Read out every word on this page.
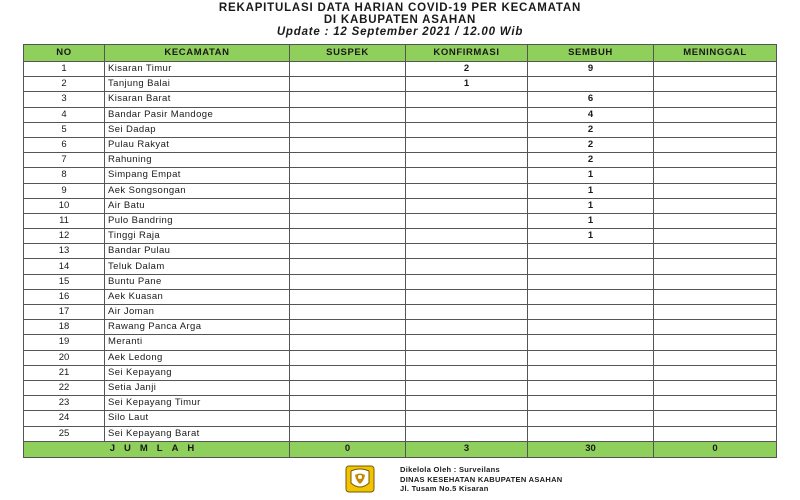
REKAPITULASI DATA HARIAN COVID-19 PER KECAMATAN
DI KABUPATEN ASAHAN
Update : 12 September 2021 / 12.00 Wib
NO	KECAMATAN	SUSPEK	KONFIRMASI	SEMBUH	MENINGGAL
1	Kisaran Timur		2	9	
2	Tanjung Balai		1		
3	Kisaran Barat			6	
4	Bandar Pasir Mandoge			4	
5	Sei Dadap			2	
6	Pulau Rakyat			2	
7	Rahuning			2	
8	Simpang Empat			1	
9	Aek Songsongan			1	
10	Air Batu			1	
11	Pulo Bandring			1	
12	Tinggi Raja			1	
13	Bandar Pulau				
14	Teluk Dalam				
15	Buntu Pane				
16	Aek Kuasan				
17	Air Joman				
18	Rawang Panca Arga				
19	Meranti				
20	Aek Ledong				
21	Sei Kepayang				
22	Setia Janji				
23	Sei Kepayang Timur				
24	Silo Laut				
25	Sei Kepayang Barat				
JUMLAH		0	3	30	0
Dikelola Oleh : Surveilans
DINAS KESEHATAN KABUPATEN ASAHAN
Jl. Tusam No.5 Kisaran
